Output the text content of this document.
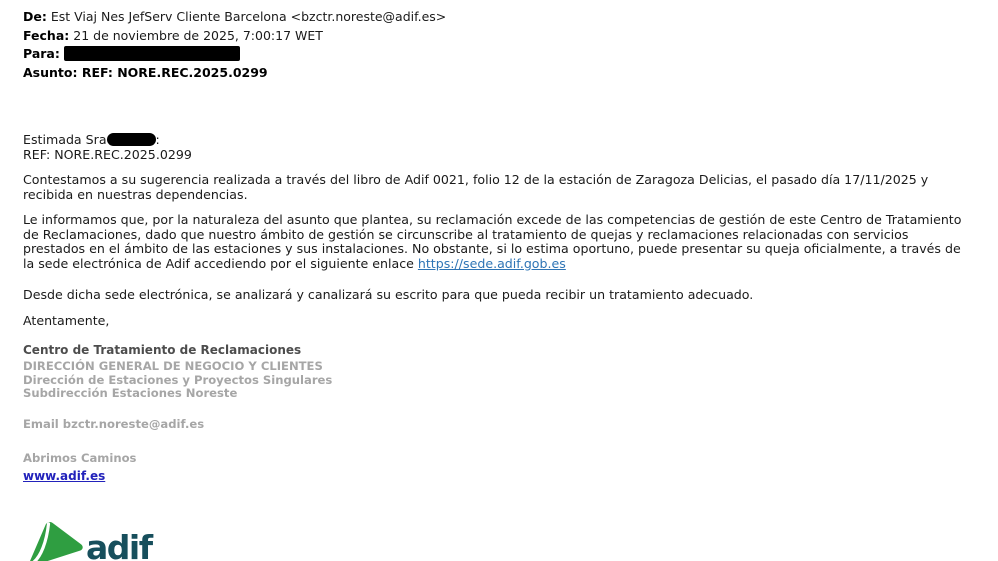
De: Est Viaj Nes JefServ Cliente Barcelona <bzctr.noreste@adif.es>
Fecha: 21 de noviembre de 2025, 7:00:17 WET
Para:
Asunto: REF: NORE.REC.2025.0299
Estimada Sra	:
REF: NORE.REC.2025.0299
Contestamos a su sugerencia realizada a través del libro de Adif 0021, folio 12 de la estación de Zaragoza Delicias, el pasado día 17/11/2025 y recibida en nuestras dependencias.
Le informamos que, por la naturaleza del asunto que plantea, su reclamación excede de las competencias de gestión de este Centro de Tratamiento de Reclamaciones, dado que nuestro ámbito de gestión se circunscribe al tratamiento de quejas y reclamaciones relacionadas con servicios prestados en el ámbito de las estaciones y sus instalaciones. No obstante, si lo estima oportuno, puede presentar su queja oficialmente, a través de la sede electrónica de Adif accediendo por el siguiente enlace https://sede.adif.gob.es
Desde dicha sede electrónica, se analizará y canalizará su escrito para que pueda recibir un tratamiento adecuado.
Atentamente,
Centro de Tratamiento de Reclamaciones
DIRECCIÓN GENERAL DE NEGOCIO Y CLIENTES
Dirección de Estaciones y Proyectos Singulares
Subdirección Estaciones Noreste
Email bzctr.noreste@adif.es
Abrimos Caminos
www.adif.es
adif
